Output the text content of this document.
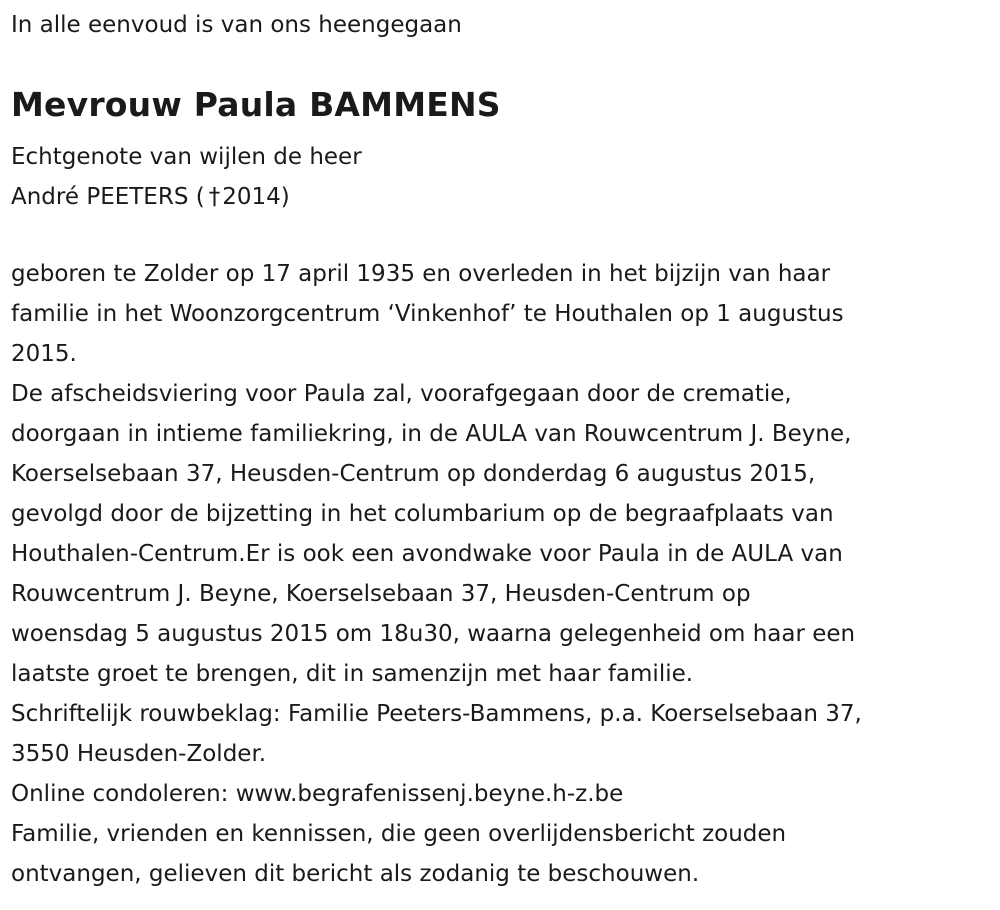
In alle eenvoud is van ons heengegaan
Mevrouw Paula BAMMENS
Echtgenote van wijlen de heer
André PEETERS ( †2014)
geboren te Zolder op 17 april 1935 en overleden in het bijzijn van haar
familie in het Woonzorgcentrum ‘Vinkenhof’ te Houthalen op 1 augustus
2015.
De afscheidsviering voor Paula zal, voorafgegaan door de crematie,
doorgaan in intieme familiekring, in de AULA van Rouwcentrum J. Beyne,
Koerselsebaan 37, Heusden-Centrum op donderdag 6 augustus 2015,
gevolgd door de bijzetting in het columbarium op de begraafplaats van
Houthalen-Centrum.Er is ook een avondwake voor Paula in de AULA van
Rouwcentrum J. Beyne, Koerselsebaan 37, Heusden-Centrum op
woensdag 5 augustus 2015 om 18u30, waarna gelegenheid om haar een
laatste groet te brengen, dit in samenzijn met haar familie.
Schriftelijk rouwbeklag: Familie Peeters-Bammens, p.a. Koerselsebaan 37,
3550 Heusden-Zolder.
Online condoleren: www.begrafenissenj.beyne.h-z.be
Familie, vrienden en kennissen, die geen overlijdensbericht zouden
ontvangen, gelieven dit bericht als zodanig te beschouwen.
